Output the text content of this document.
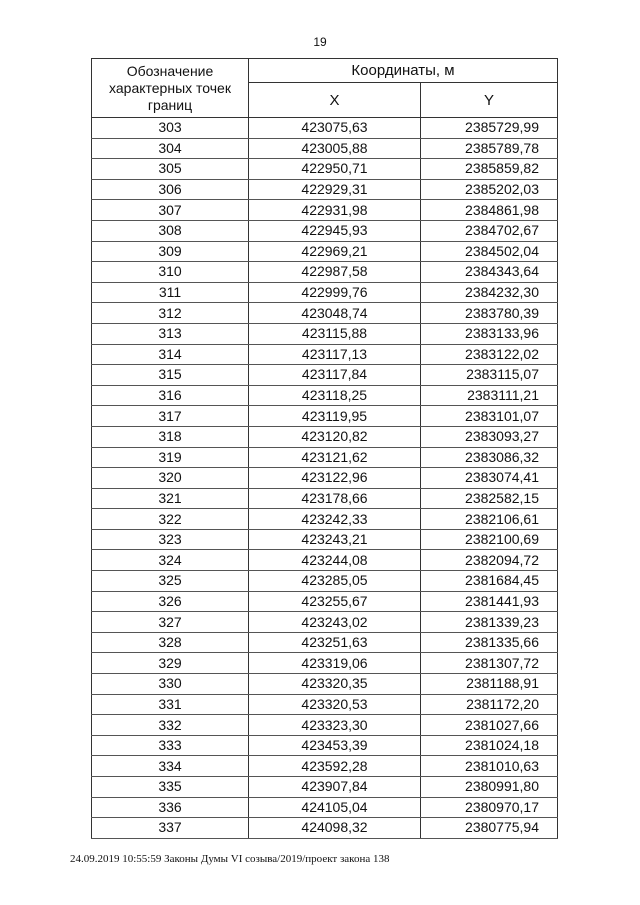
19
Обозначение характерных точек границ	Координаты, м	
	X	Y
303	423075,63	2385729,99
304	423005,88	2385789,78
305	422950,71	2385859,82
306	422929,31	2385202,03
307	422931,98	2384861,98
308	422945,93	2384702,67
309	422969,21	2384502,04
310	422987,58	2384343,64
311	422999,76	2384232,30
312	423048,74	2383780,39
313	423115,88	2383133,96
314	423117,13	2383122,02
315	423117,84	2383115,07
316	423118,25	2383111,21
317	423119,95	2383101,07
318	423120,82	2383093,27
319	423121,62	2383086,32
320	423122,96	2383074,41
321	423178,66	2382582,15
322	423242,33	2382106,61
323	423243,21	2382100,69
324	423244,08	2382094,72
325	423285,05	2381684,45
326	423255,67	2381441,93
327	423243,02	2381339,23
328	423251,63	2381335,66
329	423319,06	2381307,72
330	423320,35	2381188,91
331	423320,53	2381172,20
332	423323,30	2381027,66
333	423453,39	2381024,18
334	423592,28	2381010,63
335	423907,84	2380991,80
336	424105,04	2380970,17
337	424098,32	2380775,94
24.09.2019 10:55:59 Законы Думы VI созыва/2019/проект закона 138
